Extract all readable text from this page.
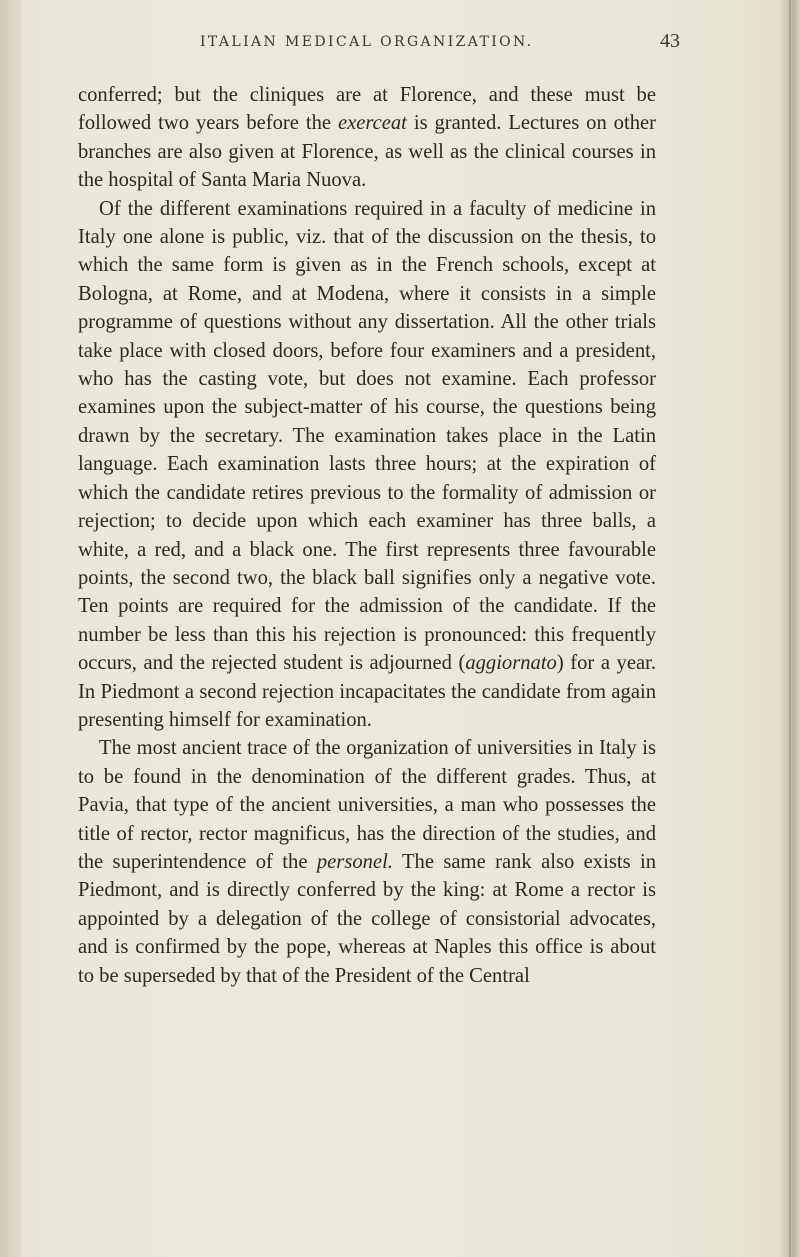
ITALIAN MEDICAL ORGANIZATION.	43

conferred; but the cliniques are at Florence, and these must be followed two years before the exerceat is granted. Lectures on other branches are also given at Florence, as well as the clinical courses in the hospital of Santa Maria Nuova.

Of the different examinations required in a faculty of medicine in Italy one alone is public, viz. that of the discussion on the thesis, to which the same form is given as in the French schools, except at Bologna, at Rome, and at Modena, where it consists in a simple programme of questions without any dissertation. All the other trials take place with closed doors, before four examiners and a president, who has the casting vote, but does not examine. Each professor examines upon the subject-matter of his course, the questions being drawn by the secretary. The examination takes place in the Latin language. Each examination lasts three hours; at the expiration of which the candidate retires previous to the formality of admission or rejection; to decide upon which each examiner has three balls, a white, a red, and a black one. The first represents three favourable points, the second two, the black ball signifies only a negative vote. Ten points are required for the admission of the candidate. If the number be less than this his rejection is pronounced: this frequently occurs, and the rejected student is adjourned (aggiornato) for a year. In Piedmont a second rejection incapacitates the candidate from again presenting himself for examination.

The most ancient trace of the organization of universities in Italy is to be found in the denomination of the different grades. Thus, at Pavia, that type of the ancient universities, a man who possesses the title of rector, rector magnificus, has the direction of the studies, and the superintendence of the personel. The same rank also exists in Piedmont, and is directly conferred by the king: at Rome a rector is appointed by a delegation of the college of consistorial advocates, and is confirmed by the pope, whereas at Naples this office is about to be superseded by that of the President of the Central
